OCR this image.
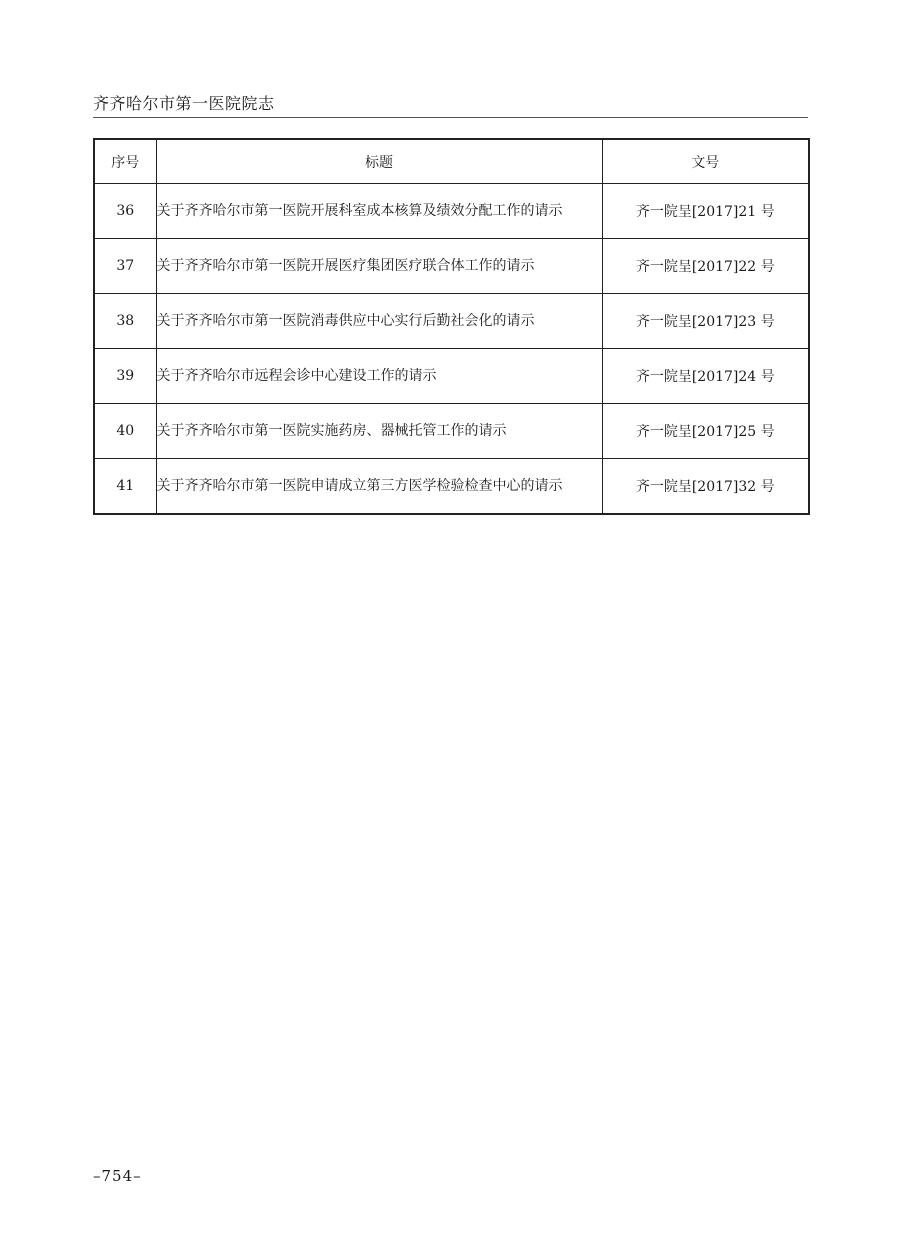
齐齐哈尔市第一医院院志
序号	标题	文号
36	关于齐齐哈尔市第一医院开展科室成本核算及绩效分配工作的请示	齐一院呈[2017]21 号
37	关于齐齐哈尔市第一医院开展医疗集团医疗联合体工作的请示	齐一院呈[2017]22 号
38	关于齐齐哈尔市第一医院消毒供应中心实行后勤社会化的请示	齐一院呈[2017]23 号
39	关于齐齐哈尔市远程会诊中心建设工作的请示	齐一院呈[2017]24 号
40	关于齐齐哈尔市第一医院实施药房、器械托管工作的请示	齐一院呈[2017]25 号
41	关于齐齐哈尔市第一医院申请成立第三方医学检验检查中心的请示	齐一院呈[2017]32 号
–754–
